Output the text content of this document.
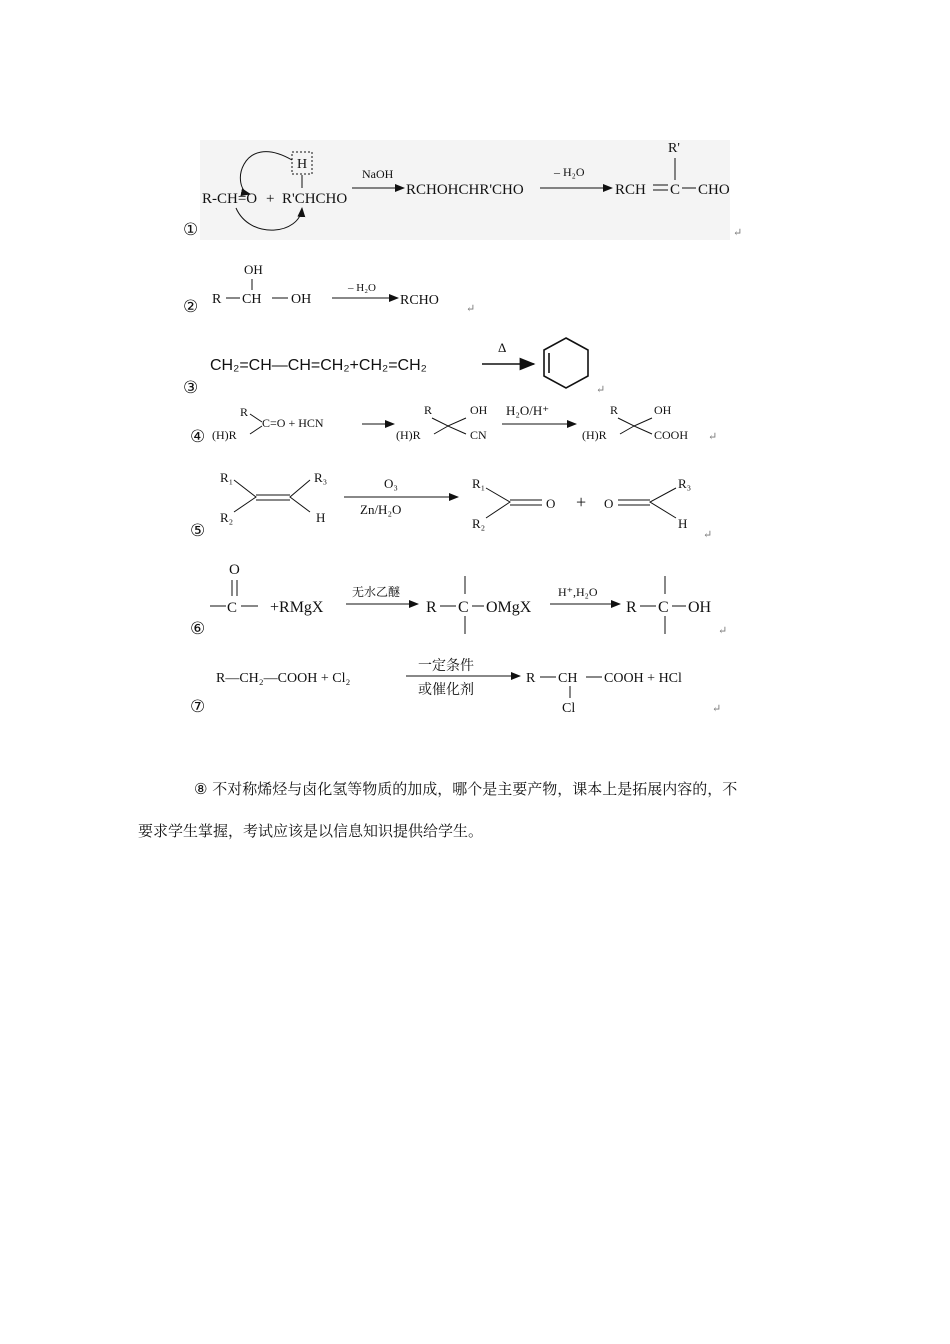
①
②
③
④
⑤
⑥
⑦
↵
↵
↵
↵
↵
↵
↵
R-CH=O +
H
R'CHCHO
NaOH
RCHOHCHR'CHO
– H₂O
RCH C CHO
R'
OH
R CH OH
– H₂O
RCHO
CH₂=CH—CH=CH₂+CH₂=CH₂
Δ
R
C=O + HCN
(H)R
R	OH
(H)R	CN
H₂O/H⁺	R	OH
(H)R	COOH
R₁	R₃
R₂	H
O₃
Zn/H₂O
R₁
R₂
O + O
R₃
H
O
C +RMgX
无水乙醚
R C OMgX
H⁺,H₂O
R C OH
R—CH₂—COOH + Cl₂
一定条件
或催化剂
R CH COOH + HCl
Cl
⑧ 不对称烯烃与卤化氢等物质的加成，哪个是主要产物，课本上是拓展内容的，不
要求学生掌握，考试应该是以信息知识提供给学生。
